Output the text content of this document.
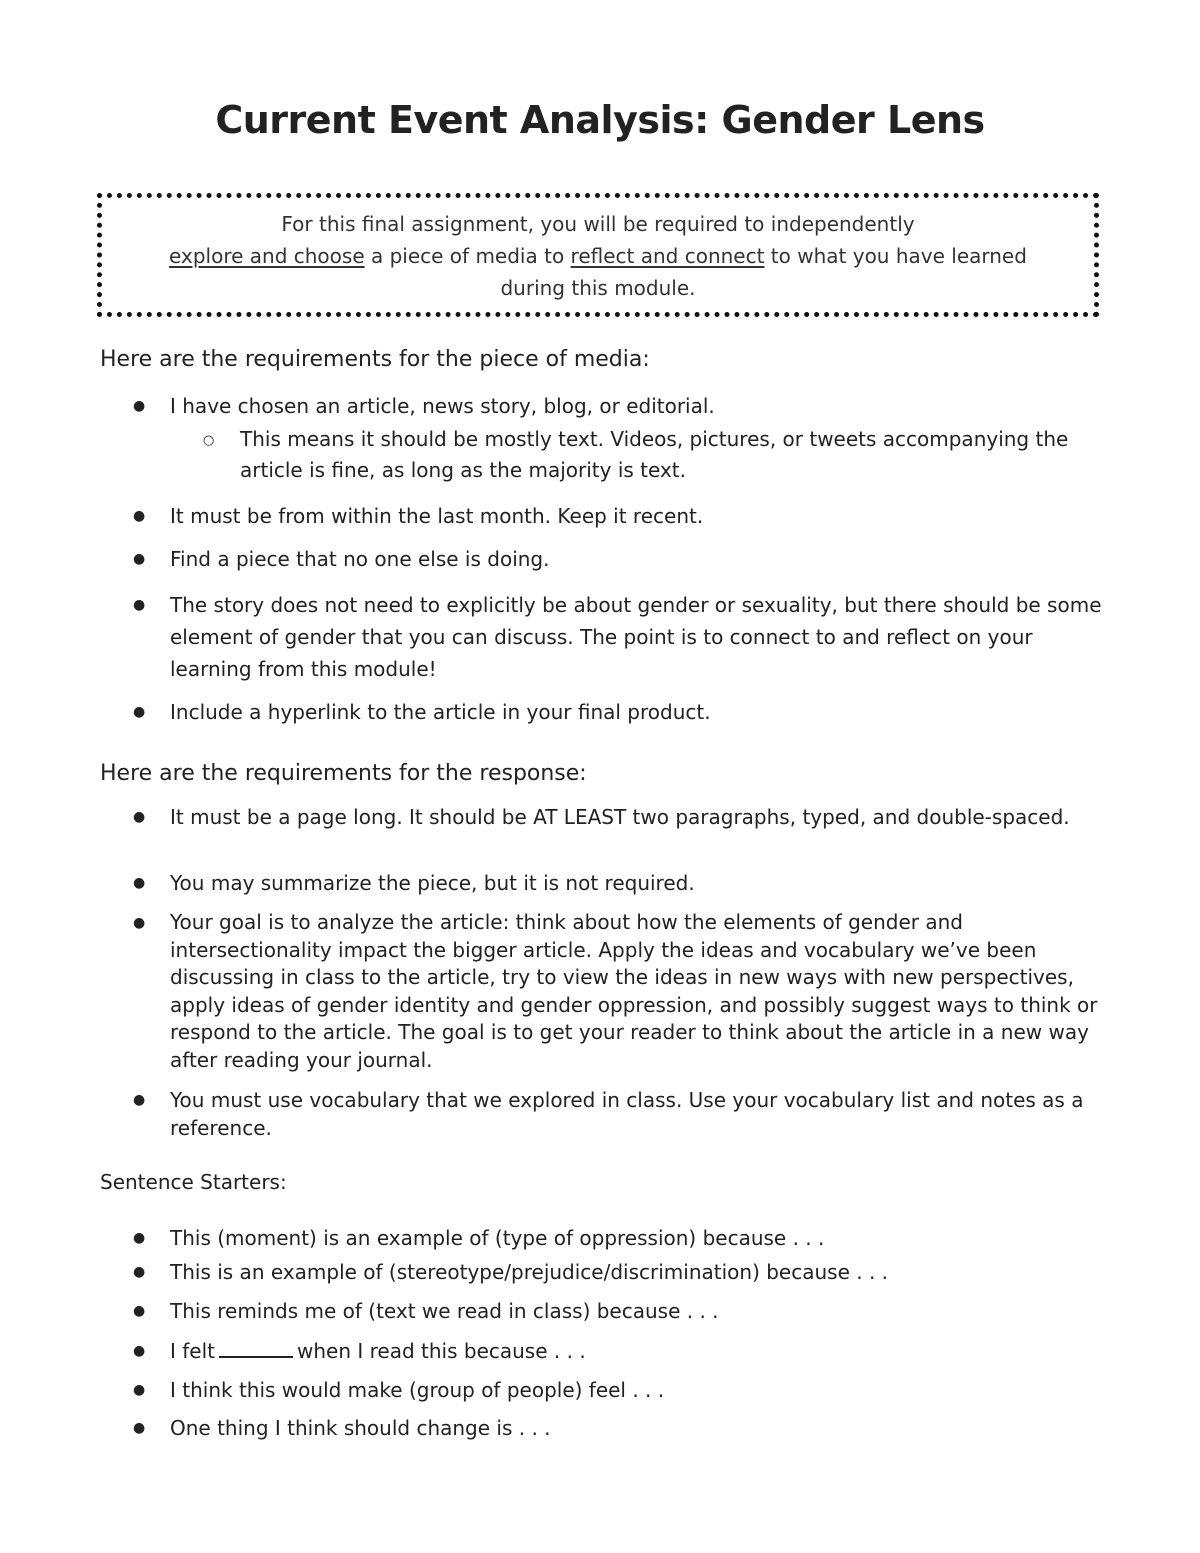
Current Event Analysis: Gender Lens
For this final assignment, you will be required to independently
explore and choose a piece of media to reflect and connect to what you have learned
during this module.
Here are the requirements for the piece of media:
● I have chosen an article, news story, blog, or editorial.
○ This means it should be mostly text. Videos, pictures, or tweets accompanying the article is fine, as long as the majority is text.
● It must be from within the last month. Keep it recent.
● Find a piece that no one else is doing.
● The story does not need to explicitly be about gender or sexuality, but there should be some element of gender that you can discuss. The point is to connect to and reflect on your learning from this module!
● Include a hyperlink to the article in your final product.
Here are the requirements for the response:
● It must be a page long. It should be AT LEAST two paragraphs, typed, and double-spaced.
● You may summarize the piece, but it is not required.
● Your goal is to analyze the article: think about how the elements of gender and intersectionality impact the bigger article. Apply the ideas and vocabulary we’ve been discussing in class to the article, try to view the ideas in new ways with new perspectives, apply ideas of gender identity and gender oppression, and possibly suggest ways to think or respond to the article. The goal is to get your reader to think about the article in a new way after reading your journal.
● You must use vocabulary that we explored in class. Use your vocabulary list and notes as a reference.

Sentence Starters:

● This (moment) is an example of (type of oppression) because . . .
● This is an example of (stereotype/prejudice/discrimination) because . . .
● This reminds me of (text we read in class) because . . .
● I felt	when I read this because . . .
● I think this would make (group of people) feel . . .
● One thing I think should change is . . .
